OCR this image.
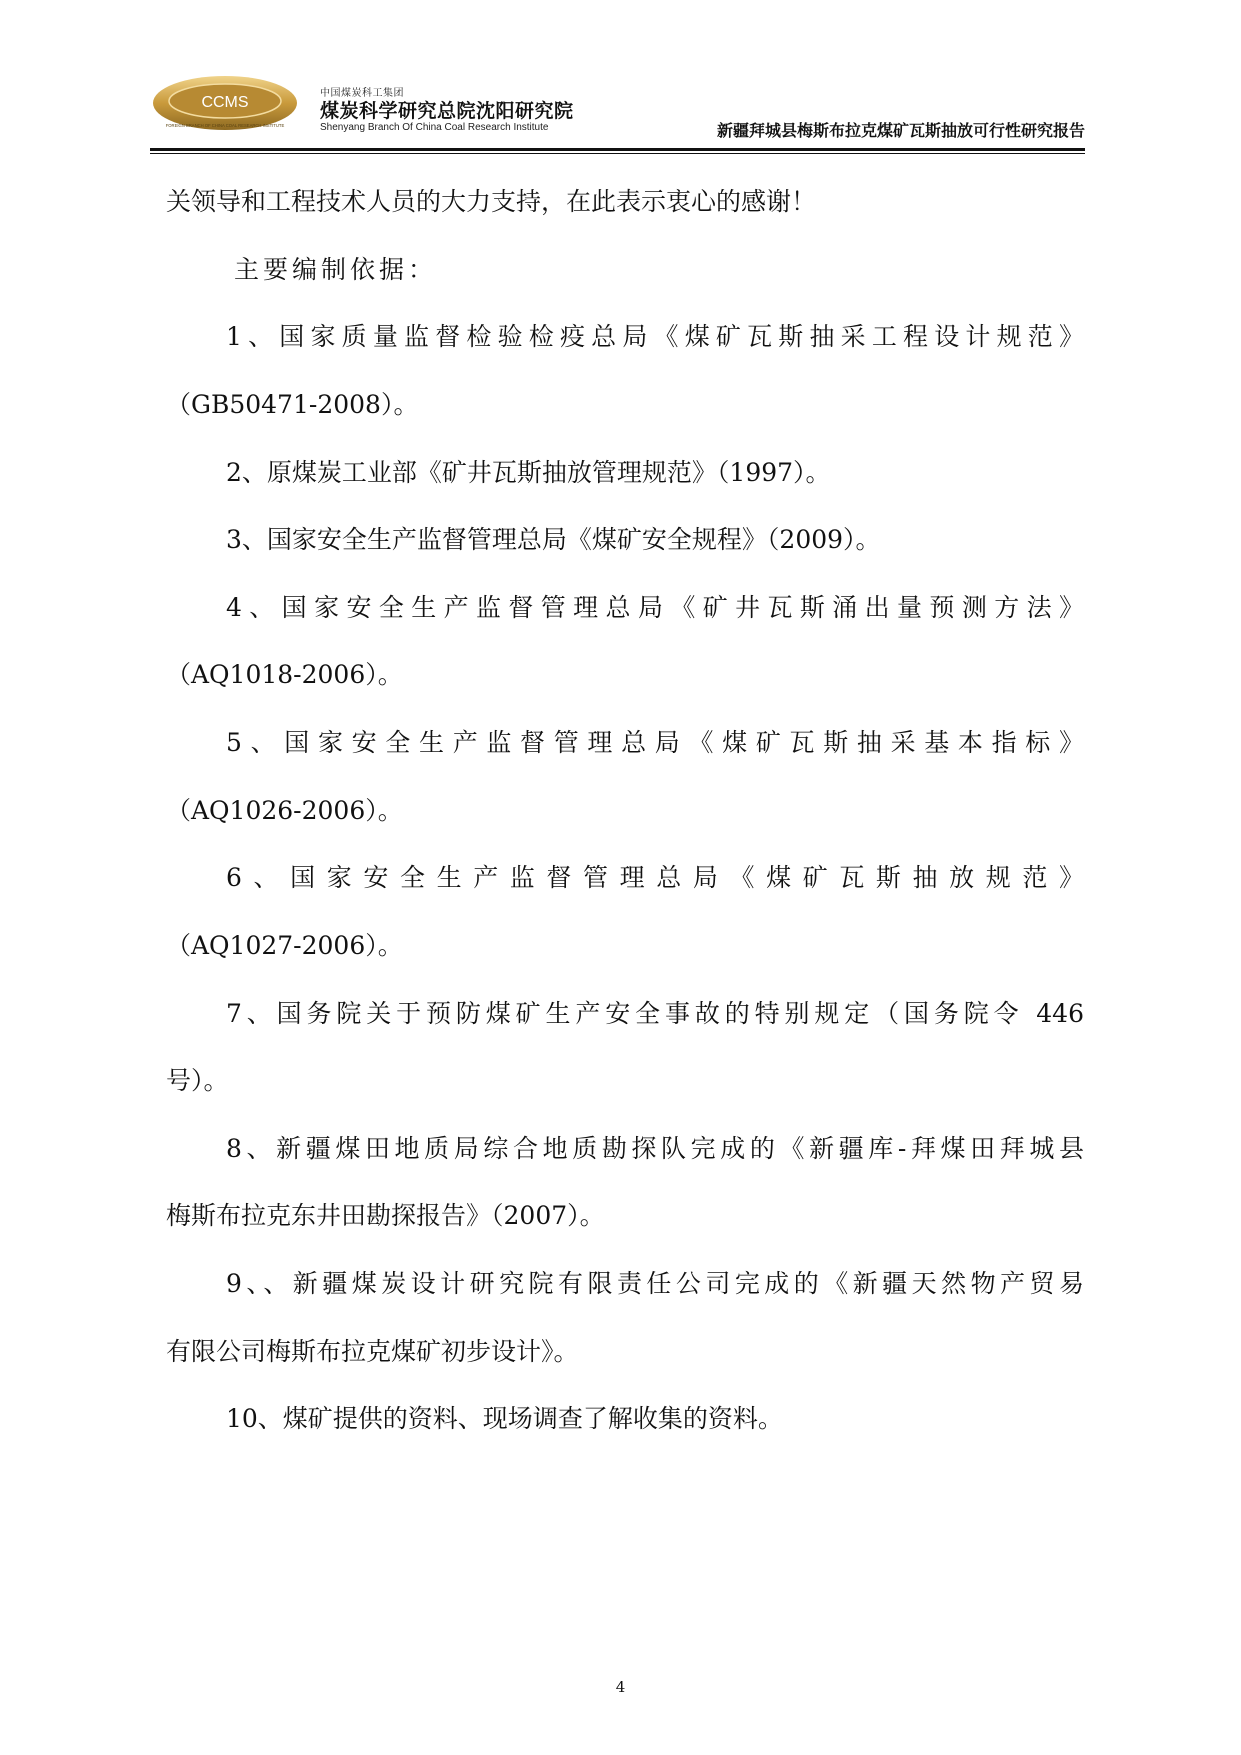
CCMS
FOREIGN BRANCH OF CHINA COAL RESEARCH INSTITUTE
中国煤炭科工集团
煤炭科学研究总院沈阳研究院
Shenyang Branch Of China Coal Research Institute	新疆拜城县梅斯布拉克煤矿瓦斯抽放可行性研究报告
关领导和工程技术人员的大力支持，在此表示衷心的感谢！
主要编制依据：
1、国家质量监督检验检疫总局《煤矿瓦斯抽采工程设计规范》
（GB50471-2008）。
2、原煤炭工业部《矿井瓦斯抽放管理规范》（1997）。
3、国家安全生产监督管理总局《煤矿安全规程》（2009）。
4、国家安全生产监督管理总局《矿井瓦斯涌出量预测方法》
（AQ1018-2006）。
5、国家安全生产监督管理总局《煤矿瓦斯抽采基本指标》
（AQ1026-2006）。
6、国家安全生产监督管理总局《煤矿瓦斯抽放规范》
（AQ1027-2006）。
7、国务院关于预防煤矿生产安全事故的特别规定（国务院令 446
号）。
8、新疆煤田地质局综合地质勘探队完成的《新疆库-拜煤田拜城县
梅斯布拉克东井田勘探报告》（2007）。
9、、新疆煤炭设计研究院有限责任公司完成的《新疆天然物产贸易
有限公司梅斯布拉克煤矿初步设计》。
10、煤矿提供的资料、现场调查了解收集的资料。
4
